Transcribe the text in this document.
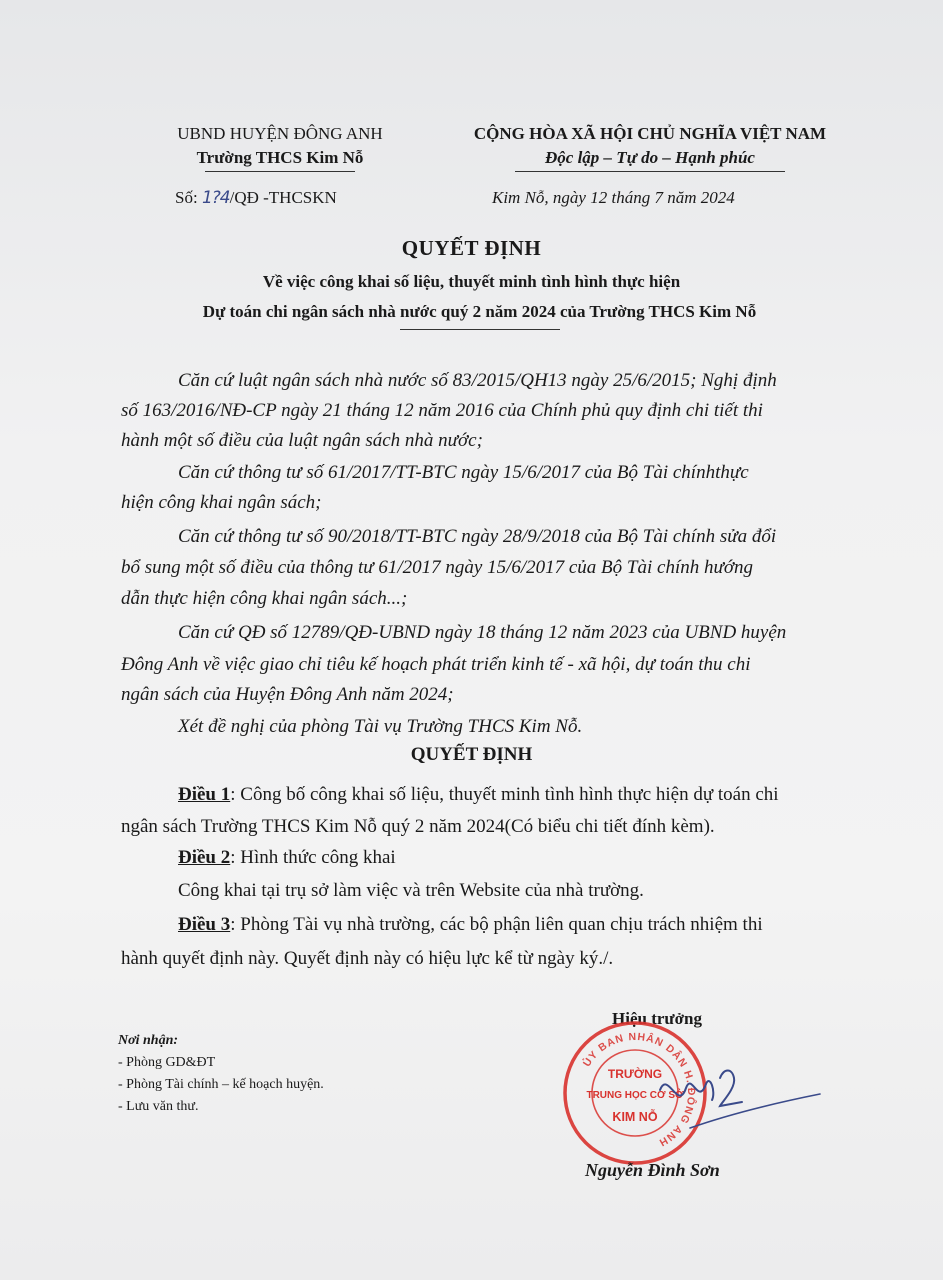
UBND HUYỆN ĐÔNG ANH
Trường THCS Kim Nỗ
CỘNG HÒA XÃ HỘI CHỦ NGHĨA VIỆT NAM
Độc lập – Tự do – Hạnh phúc
Số: 1?4/QĐ -THCSKN	Kim Nỗ, ngày 12 tháng 7 năm 2024
QUYẾT ĐỊNH
Về việc công khai số liệu, thuyết minh tình hình thực hiện
Dự toán chi ngân sách nhà nước quý 2 năm 2024 của Trường THCS Kim Nỗ
Căn cứ luật ngân sách nhà nước số 83/2015/QH13 ngày 25/6/2015; Nghị định
số 163/2016/NĐ-CP ngày 21 tháng 12 năm 2016 của Chính phủ quy định chi tiết thi
hành một số điều của luật ngân sách nhà nước;
Căn cứ thông tư số 61/2017/TT-BTC ngày 15/6/2017 của Bộ Tài chínhthực
hiện công khai ngân sách;
Căn cứ thông tư số 90/2018/TT-BTC ngày 28/9/2018 của Bộ Tài chính sửa đổi
bổ sung một số điều của thông tư 61/2017 ngày 15/6/2017 của Bộ Tài chính hướng
dẫn thực hiện công khai ngân sách...;
Căn cứ QĐ số 12789/QĐ-UBND ngày 18 tháng 12 năm 2023 của UBND huyện
Đông Anh về việc giao chỉ tiêu kế hoạch phát triển kinh tế - xã hội, dự toán thu chi
ngân sách của Huyện Đông Anh năm 2024;
Xét đề nghị của phòng Tài vụ Trường THCS Kim Nỗ.
QUYẾT ĐỊNH
Điều 1: Công bố công khai số liệu, thuyết minh tình hình thực hiện dự toán chi
ngân sách Trường THCS Kim Nỗ quý 2 năm 2024(Có biểu chi tiết đính kèm).
Điều 2: Hình thức công khai
Công khai tại trụ sở làm việc và trên Website của nhà trường.
Điều 3: Phòng Tài vụ nhà trường, các bộ phận liên quan chịu trách nhiệm thi
hành quyết định này. Quyết định này có hiệu lực kể từ ngày ký./.
Nơi nhận:
- Phòng GD&ĐT
- Phòng Tài chính – kế hoạch huyện.
- Lưu văn thư.
Hiệu trưởng
ỦY BAN NHÂN DÂN H. ĐÔNG ANH
TRƯỜNG
TRUNG HỌC CƠ SỞ
KIM NỖ
Nguyễn Đình Sơn
